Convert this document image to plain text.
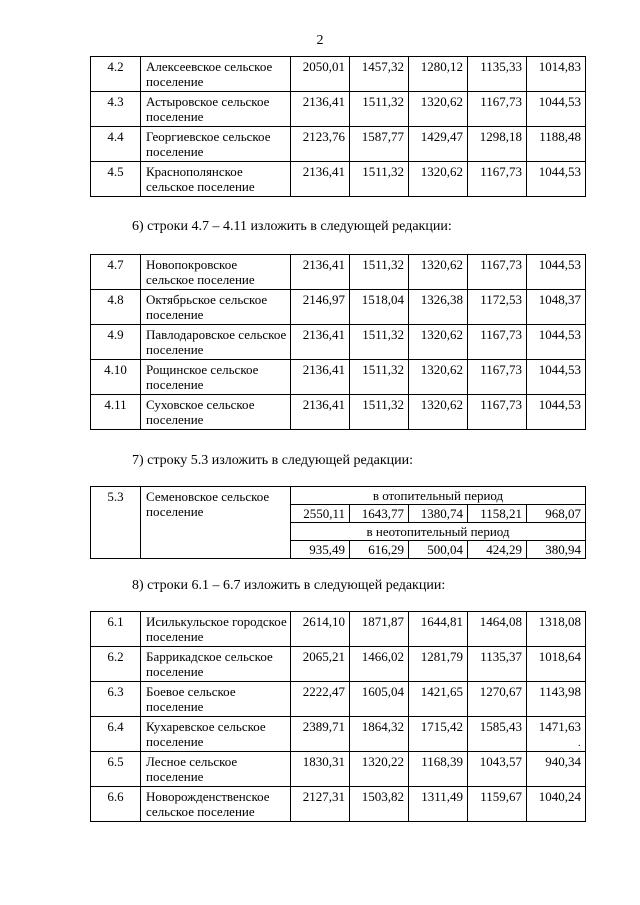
2
4.2	Алексеевское сельское поселение	2050,01	1457,32	1280,12	1135,33	1014,83
4.3	Астыровское сельское поселение	2136,41	1511,32	1320,62	1167,73	1044,53
4.4	Георгиевское сельское поселение	2123,76	1587,77	1429,47	1298,18	1188,48
4.5	Краснополянское сельское поселение	2136,41	1511,32	1320,62	1167,73	1044,53
6) строки 4.7 – 4.11 изложить в следующей редакции:
4.7	Новопокровское сельское поселение	2136,41	1511,32	1320,62	1167,73	1044,53
4.8	Октябрьское сельское поселение	2146,97	1518,04	1326,38	1172,53	1048,37
4.9	Павлодаровское сельское поселение	2136,41	1511,32	1320,62	1167,73	1044,53
4.10	Рощинское сельское поселение	2136,41	1511,32	1320,62	1167,73	1044,53
4.11	Суховское сельское поселение	2136,41	1511,32	1320,62	1167,73	1044,53
7) строку 5.3 изложить в следующей редакции:
5.3	Семеновское сельское поселение	в отопительный период				
		2550,11	1643,77	1380,74	1158,21	968,07
		в неотопительный период				
		935,49	616,29	500,04	424,29	380,94
8) строки 6.1 – 6.7 изложить в следующей редакции:
6.1	Исилькульское городское поселение	2614,10	1871,87	1644,81	1464,08	1318,08
6.2	Баррикадское сельское поселение	2065,21	1466,02	1281,79	1135,37	1018,64
6.3	Боевое сельское поселение	2222,47	1605,04	1421,65	1270,67	1143,98
6.4	Кухаревское сельское поселение	2389,71	1864,32	1715,42	1585,43	1471,63
6.5	Лесное сельское поселение	1830,31	1320,22	1168,39	1043,57	940,34
6.6	Новорожденственское сельское поселение	2127,31	1503,82	1311,49	1159,67	1040,24
.
